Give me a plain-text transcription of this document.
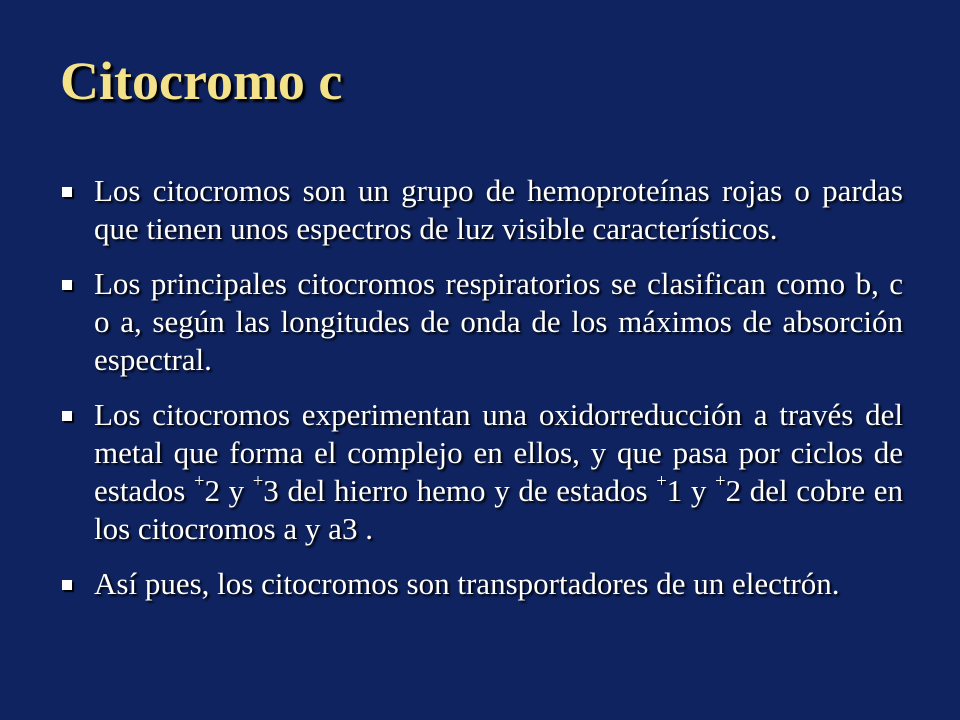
Citocromo c
Los citocromos son un grupo de hemoproteínas rojas o pardas que tienen unos espectros de luz visible característicos.
Los principales citocromos respiratorios se clasifican como b, c o a, según las longitudes de onda de los máximos de absorción espectral.
Los citocromos experimentan una oxidorreducción a través del metal que forma el complejo en ellos, y que pasa por ciclos de estados +2 y +3 del hierro hemo y de estados +1 y +2 del cobre en los citocromos a y a3 .
Así pues, los citocromos son transportadores de un electrón.
